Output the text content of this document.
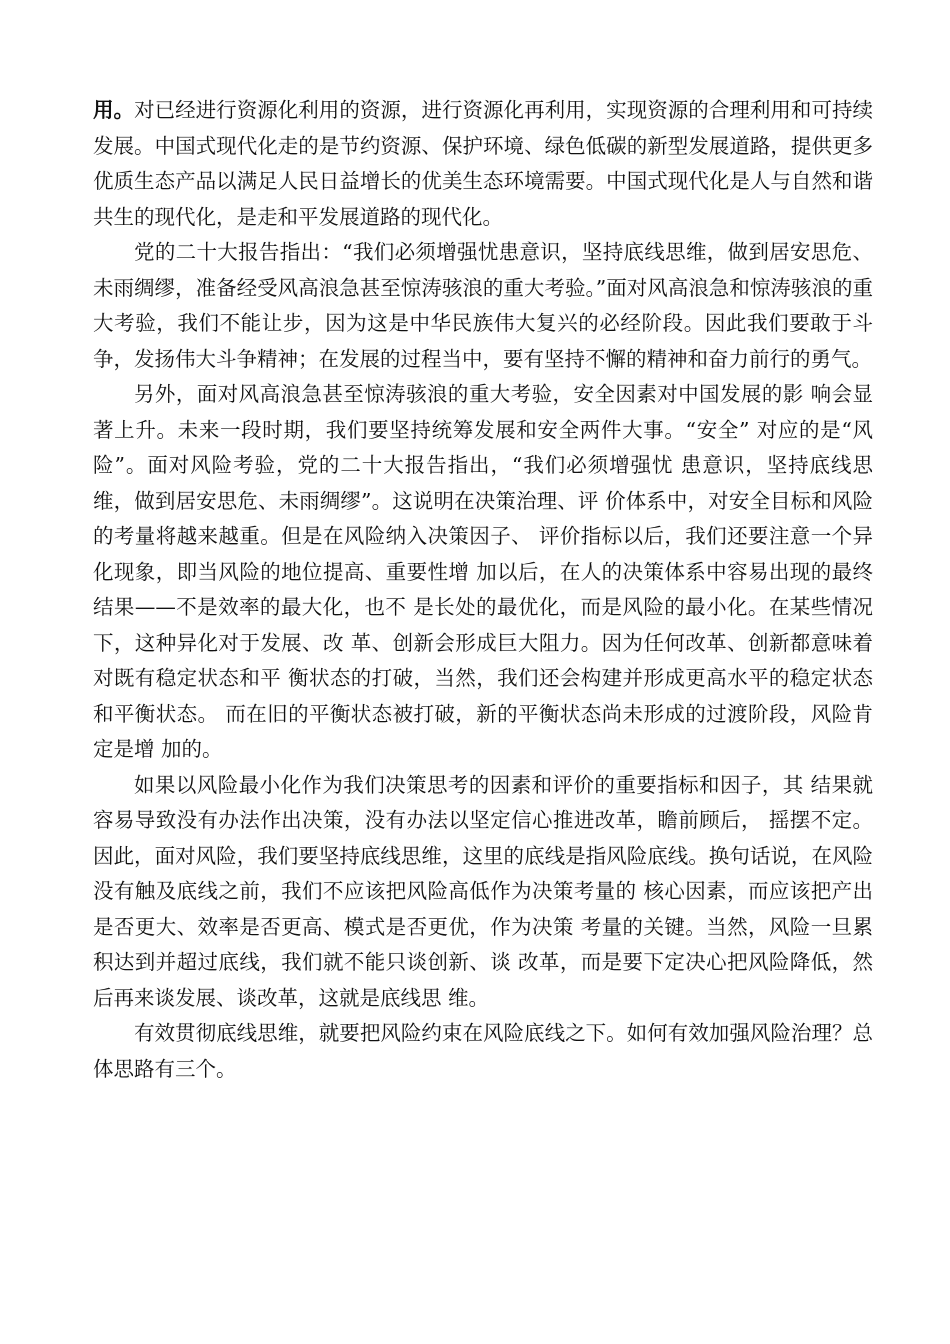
用。对已经进行资源化利用的资源，进行资源化再利用，实现资源的合理利用和可持续发展。中国式现代化走的是节约资源、保护环境、绿色低碳的新型发展道路，提供更多优质生态产品以满足人民日益增长的优美生态环境需要。中国式现代化是人与自然和谐共生的现代化，是走和平发展道路的现代化。

党的二十大报告指出：“我们必须增强忧患意识，坚持底线思维，做到居安思危、未雨绸缪，准备经受风高浪急甚至惊涛骇浪的重大考验。”面对风高浪急和惊涛骇浪的重大考验，我们不能让步，因为这是中华民族伟大复兴的必经阶段。因此我们要敢于斗争，发扬伟大斗争精神；在发展的过程当中，要有坚持不懈的精神和奋力前行的勇气。

另外，面对风高浪急甚至惊涛骇浪的重大考验，安全因素对中国发展的影 响会显著上升。未来一段时期，我们要坚持统筹发展和安全两件大事。“安全” 对应的是“风险”。面对风险考验，党的二十大报告指出，“我们必须增强忧 患意识，坚持底线思维，做到居安思危、未雨绸缪”。这说明在决策治理、评 价体系中，对安全目标和风险的考量将越来越重。但是在风险纳入决策因子、 评价指标以后，我们还要注意一个异化现象，即当风险的地位提高、重要性增 加以后，在人的决策体系中容易出现的最终结果——不是效率的最大化，也不 是长处的最优化，而是风险的最小化。在某些情况下，这种异化对于发展、改 革、创新会形成巨大阻力。因为任何改革、创新都意味着对既有稳定状态和平 衡状态的打破，当然，我们还会构建并形成更高水平的稳定状态和平衡状态。 而在旧的平衡状态被打破，新的平衡状态尚未形成的过渡阶段，风险肯定是增 加的。

如果以风险最小化作为我们决策思考的因素和评价的重要指标和因子，其 结果就容易导致没有办法作出决策，没有办法以坚定信心推进改革，瞻前顾后， 摇摆不定。因此，面对风险，我们要坚持底线思维，这里的底线是指风险底线。换句话说，在风险没有触及底线之前，我们不应该把风险高低作为决策考量的 核心因素，而应该把产出是否更大、效率是否更高、模式是否更优，作为决策 考量的关键。当然，风险一旦累积达到并超过底线，我们就不能只谈创新、谈 改革，而是要下定决心把风险降低，然后再来谈发展、谈改革，这就是底线思 维。

有效贯彻底线思维，就要把风险约束在风险底线之下。如何有效加强风险治理？总体思路有三个。
